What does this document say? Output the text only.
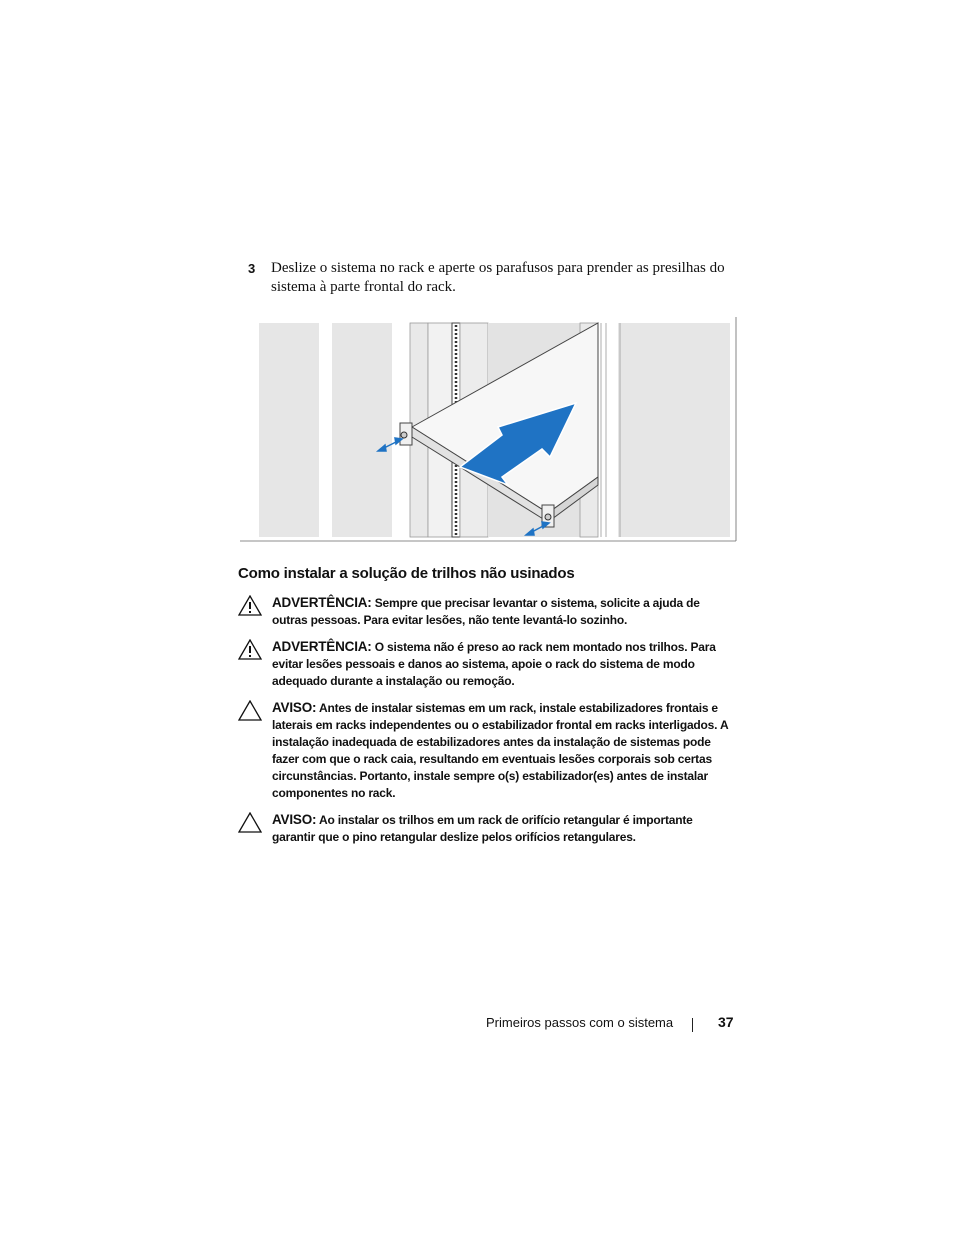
3 Deslize o sistema no rack e aperte os parafusos para prender as presilhas do sistema à parte frontal do rack.
Como instalar a solução de trilhos não usinados
ADVERTÊNCIA: Sempre que precisar levantar o sistema, solicite a ajuda de outras pessoas. Para evitar lesões, não tente levantá-lo sozinho.
ADVERTÊNCIA: O sistema não é preso ao rack nem montado nos trilhos. Para evitar lesões pessoais e danos ao sistema, apoie o rack do sistema de modo adequado durante a instalação ou remoção.
AVISO: Antes de instalar sistemas em um rack, instale estabilizadores frontais e laterais em racks independentes ou o estabilizador frontal em racks interligados. A instalação inadequada de estabilizadores antes da instalação de sistemas pode fazer com que o rack caia, resultando em eventuais lesões corporais sob certas circunstâncias. Portanto, instale sempre o(s) estabilizador(es) antes de instalar componentes no rack.
AVISO: Ao instalar os trilhos em um rack de orifício retangular é importante garantir que o pino retangular deslize pelos orifícios retangulares.
Primeiros passos com o sistema	37
